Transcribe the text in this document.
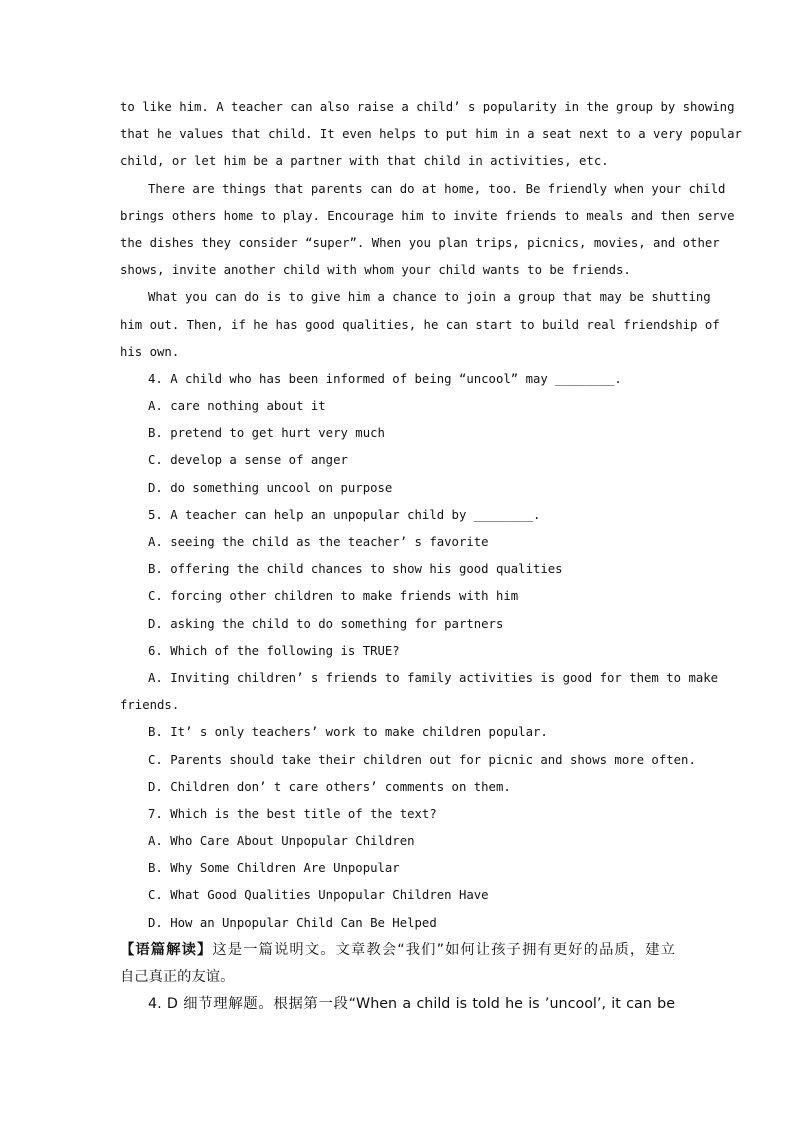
to like him. A teacher can also raise a child’ s popularity in the group by showing
that he values that child. It even helps to put him in a seat next to a very popular
child, or let him be a partner with that child in activities, etc.
There are things that parents can do at home, too. Be friendly when your child
brings others home to play. Encourage him to invite friends to meals and then serve
the dishes they consider “super”. When you plan trips, picnics, movies, and other
shows, invite another child with whom your child wants to be friends.
What you can do is to give him a chance to join a group that may be shutting
him out. Then, if he has good qualities, he can start to build real friendship of
his own.
4. A child who has been informed of being “uncool” may ________.
A. care nothing about it
B. pretend to get hurt very much
C. develop a sense of anger
D. do something uncool on purpose
5. A teacher can help an unpopular child by ________.
A. seeing the child as the teacher’ s favorite
B. offering the child chances to show his good qualities
C. forcing other children to make friends with him
D. asking the child to do something for partners
6. Which of the following is TRUE?
A. Inviting children’ s friends to family activities is good for them to make
friends.
B. It’ s only teachers’ work to make children popular.
C. Parents should take their children out for picnic and shows more often.
D. Children don’ t care others’ comments on them.
7. Which is the best title of the text?
A. Who Care About Unpopular Children
B. Why Some Children Are Unpopular
C. What Good Qualities Unpopular Children Have
D. How an Unpopular Child Can Be Helped
【语篇解读】这是一篇说明文。文章教会“我们”如何让孩子拥有更好的品质，建立
自己真正的友谊。
4. D 细节理解题。根据第一段“When a child is told he is ’uncool’, it can be
